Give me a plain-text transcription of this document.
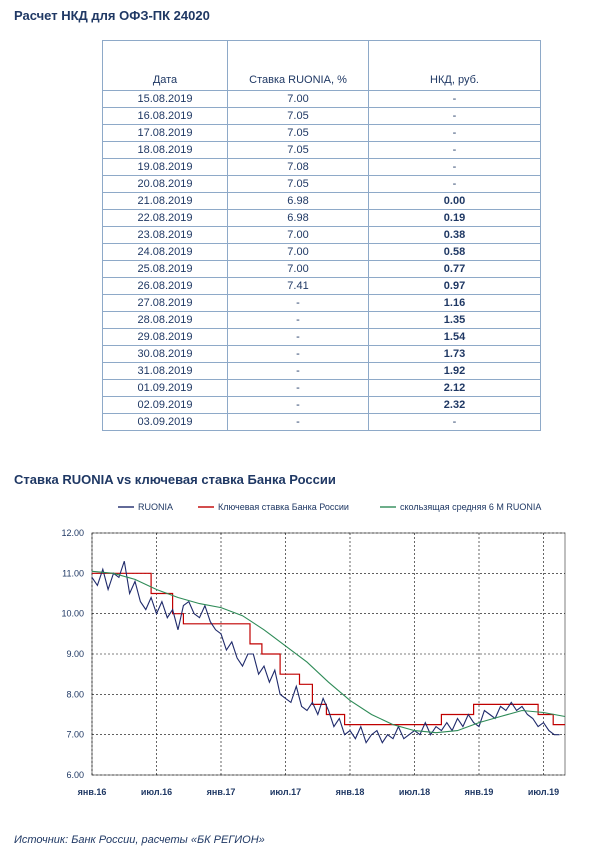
Расчет НКД для ОФЗ-ПК 24020
Дата	Ставка RUONIA, %	НКД, руб.
15.08.2019	7.00	-
16.08.2019	7.05	-
17.08.2019	7.05	-
18.08.2019	7.05	-
19.08.2019	7.08	-
20.08.2019	7.05	-
21.08.2019	6.98	0.00
22.08.2019	6.98	0.19
23.08.2019	7.00	0.38
24.08.2019	7.00	0.58
25.08.2019	7.00	0.77
26.08.2019	7.41	0.97
27.08.2019	-	1.16
28.08.2019	-	1.35
29.08.2019	-	1.54
30.08.2019	-	1.73
31.08.2019	-	1.92
01.09.2019	-	2.12
02.09.2019	-	2.32
03.09.2019	-	-
Ставка RUONIA vs ключевая ставка Банка России
RUONIA	Ключевая ставка Банка России	скользящая средняя 6 M RUONIA
6.00
7.00
8.00
9.00
10.00
11.00
12.00
янв.16	июл.16	янв.17	июл.17	янв.18	июл.18	янв.19	июл.19
Источник: Банк России, расчеты «БК РЕГИОН»
